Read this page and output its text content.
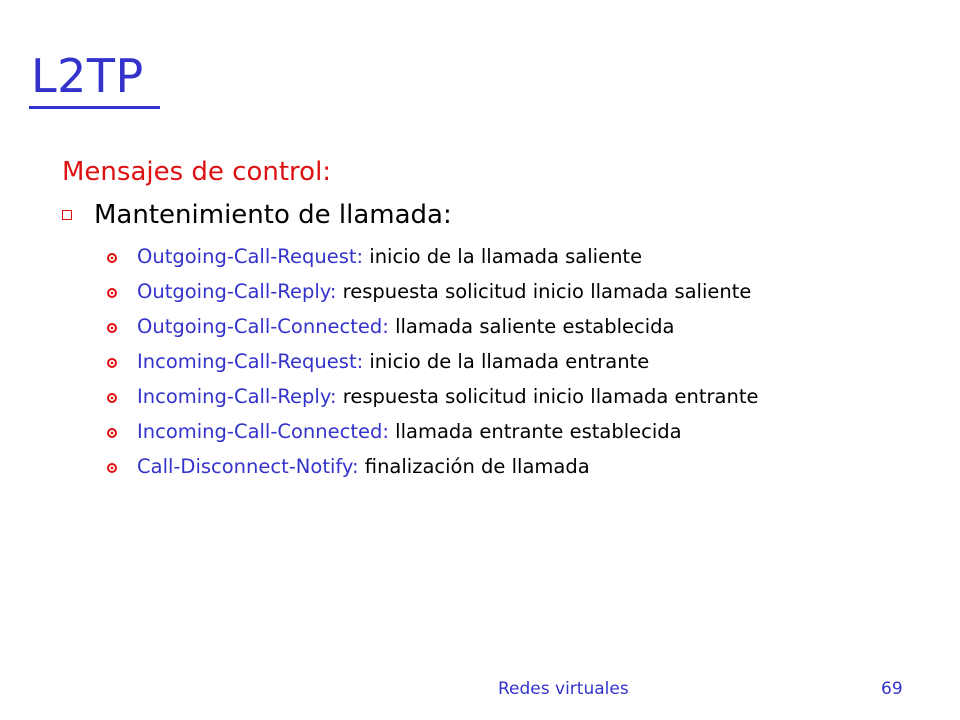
L2TP
Mensajes de control:
Mantenimiento de llamada:
Outgoing-Call-Request: inicio de la llamada saliente
Outgoing-Call-Reply: respuesta solicitud inicio llamada saliente
Outgoing-Call-Connected: llamada saliente establecida
Incoming-Call-Request: inicio de la llamada entrante
Incoming-Call-Reply: respuesta solicitud inicio llamada entrante
Incoming-Call-Connected: llamada entrante establecida
Call-Disconnect-Notify: finalización de llamada
Redes virtuales	69
